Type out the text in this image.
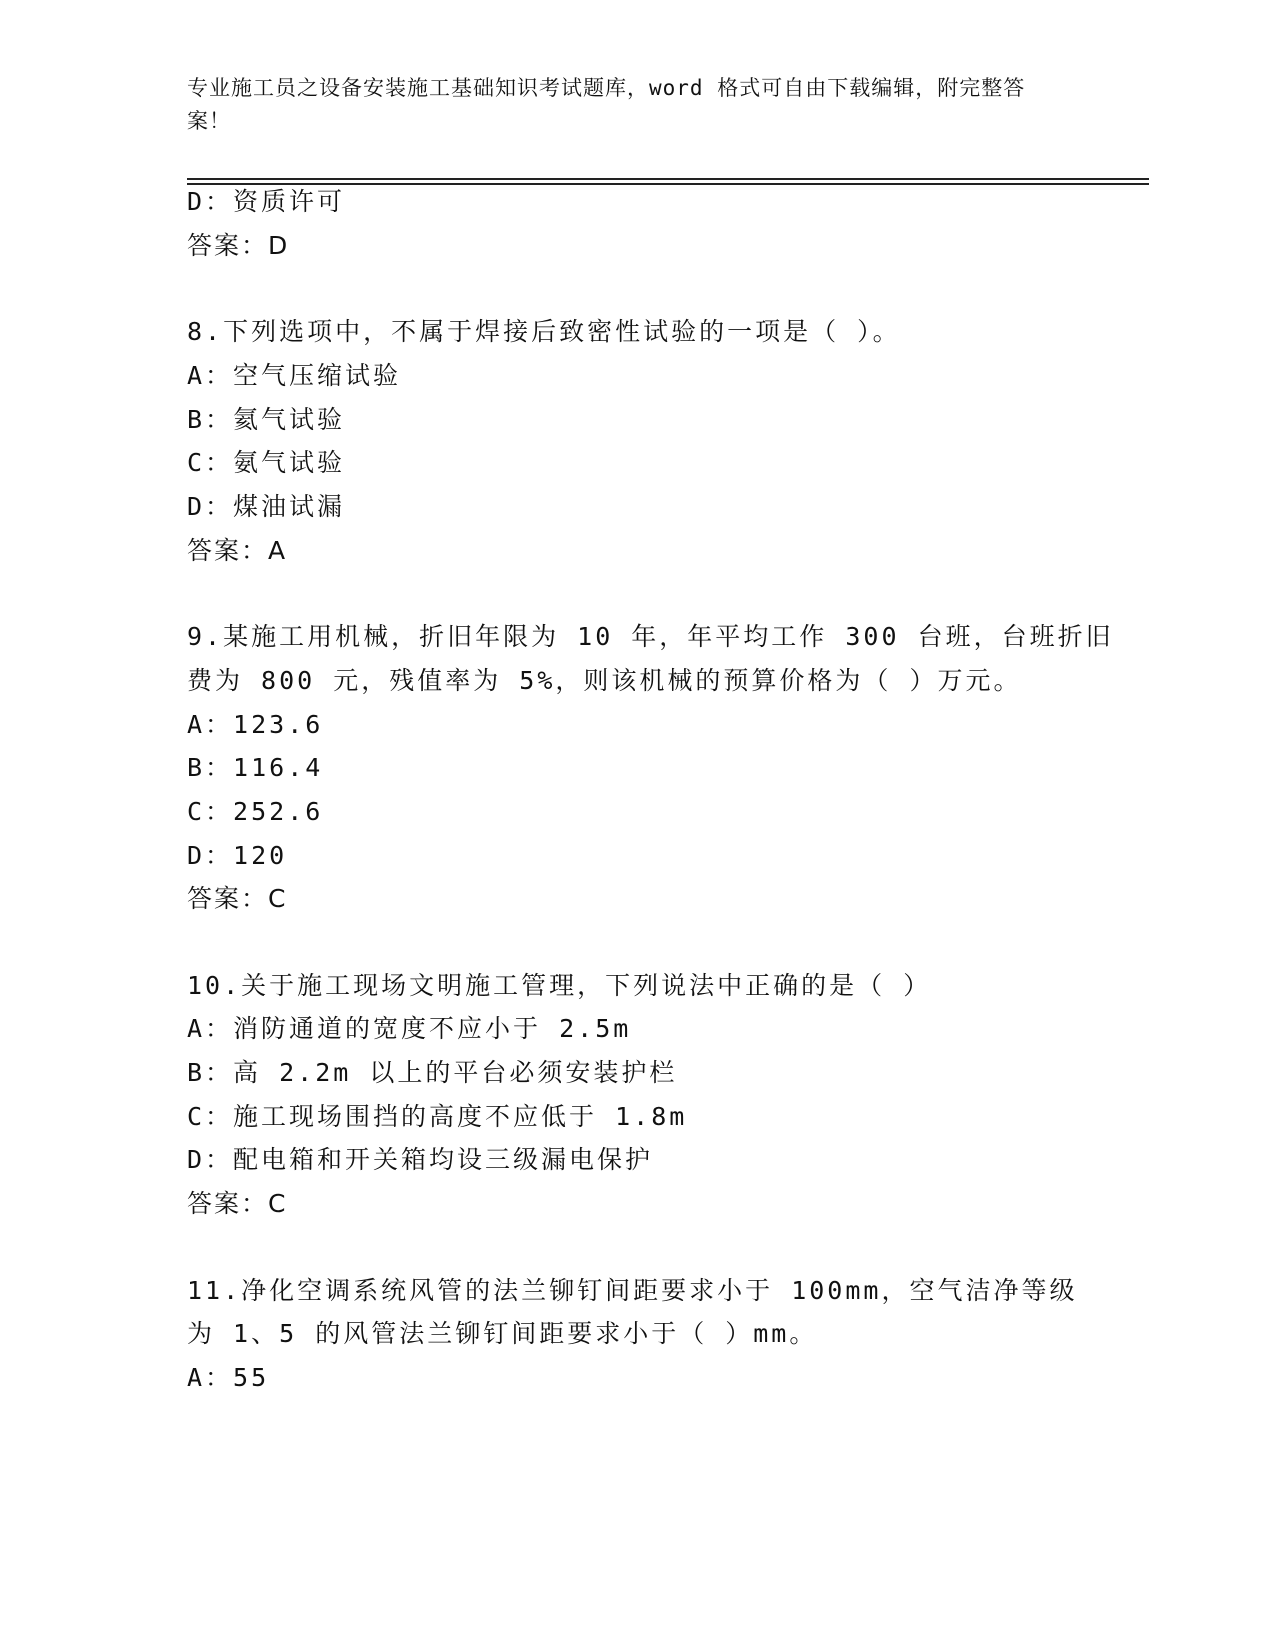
专业施工员之设备安装施工基础知识考试题库，word 格式可自由下载编辑，附完整答案！
D：资质许可
答案：D
8.下列选项中，不属于焊接后致密性试验的一项是（ ）。
A：空气压缩试验
B：氦气试验
C：氨气试验
D：煤油试漏
答案：A
9.某施工用机械，折旧年限为 10 年，年平均工作 300 台班，台班折旧
费为 800 元，残值率为 5%，则该机械的预算价格为（ ）万元。
A：123.6
B：116.4
C：252.6
D：120
答案：C
10.关于施工现场文明施工管理，下列说法中正确的是（ ）
A：消防通道的宽度不应小于 2.5m
B：高 2.2m 以上的平台必须安装护栏
C：施工现场围挡的高度不应低于 1.8m
D：配电箱和开关箱均设三级漏电保护
答案：C
11.净化空调系统风管的法兰铆钉间距要求小于 100mm，空气洁净等级
为 1、5 的风管法兰铆钉间距要求小于（ ）mm。
A：55
